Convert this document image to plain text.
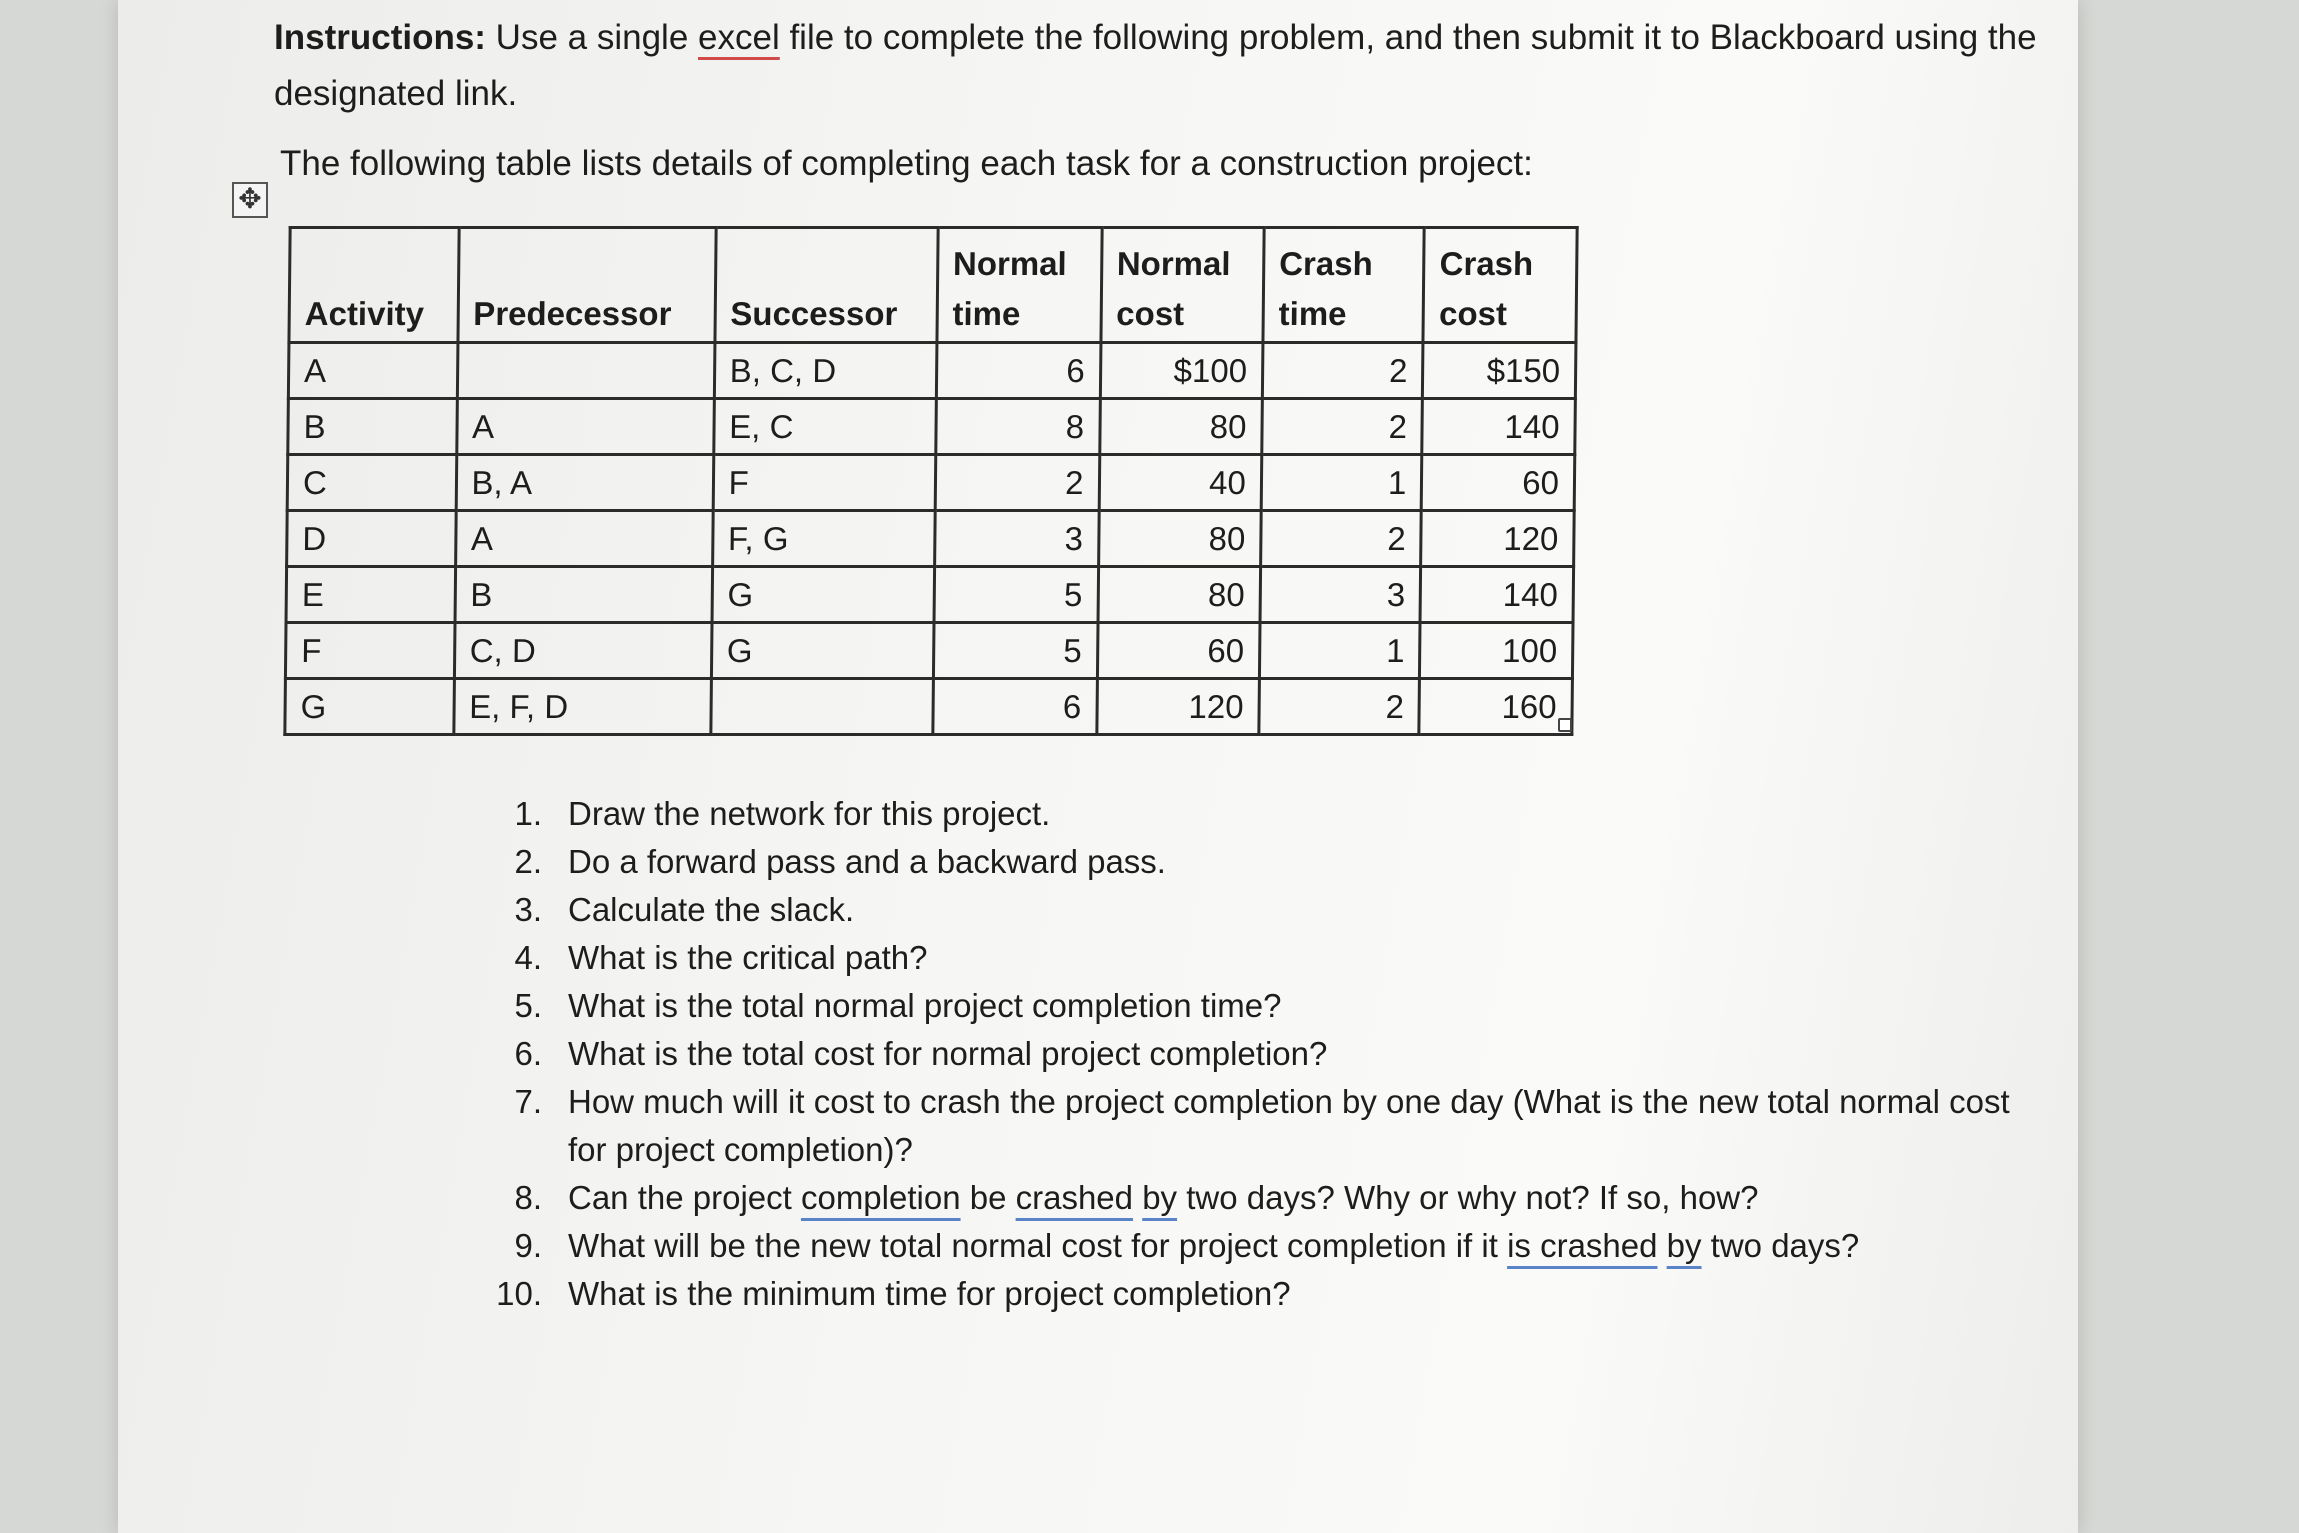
Instructions: Use a single excel file to complete the following problem, and then submit it to Blackboard using the designated link.
The following table lists details of completing each task for a construction project:
✥
Activity	Predecessor	Successor	Normal time	Normal cost	Crash time	Crash cost
A		B, C, D	6	$100	2	$150
B	A	E, C	8	80	2	140
C	B, A	F	2	40	1	60
D	A	F, G	3	80	2	120
E	B	G	5	80	3	140
F	C, D	G	5	60	1	100
G	E, F, D		6	120	2	160
1. Draw the network for this project.
2. Do a forward pass and a backward pass.
3. Calculate the slack.
4. What is the critical path?
5. What is the total normal project completion time?
6. What is the total cost for normal project completion?
7. How much will it cost to crash the project completion by one day (What is the new total normal cost for project completion)?
8. Can the project completion be crashed by two days? Why or why not? If so, how?
9. What will be the new total normal cost for project completion if it is crashed by two days?
10. What is the minimum time for project completion?
